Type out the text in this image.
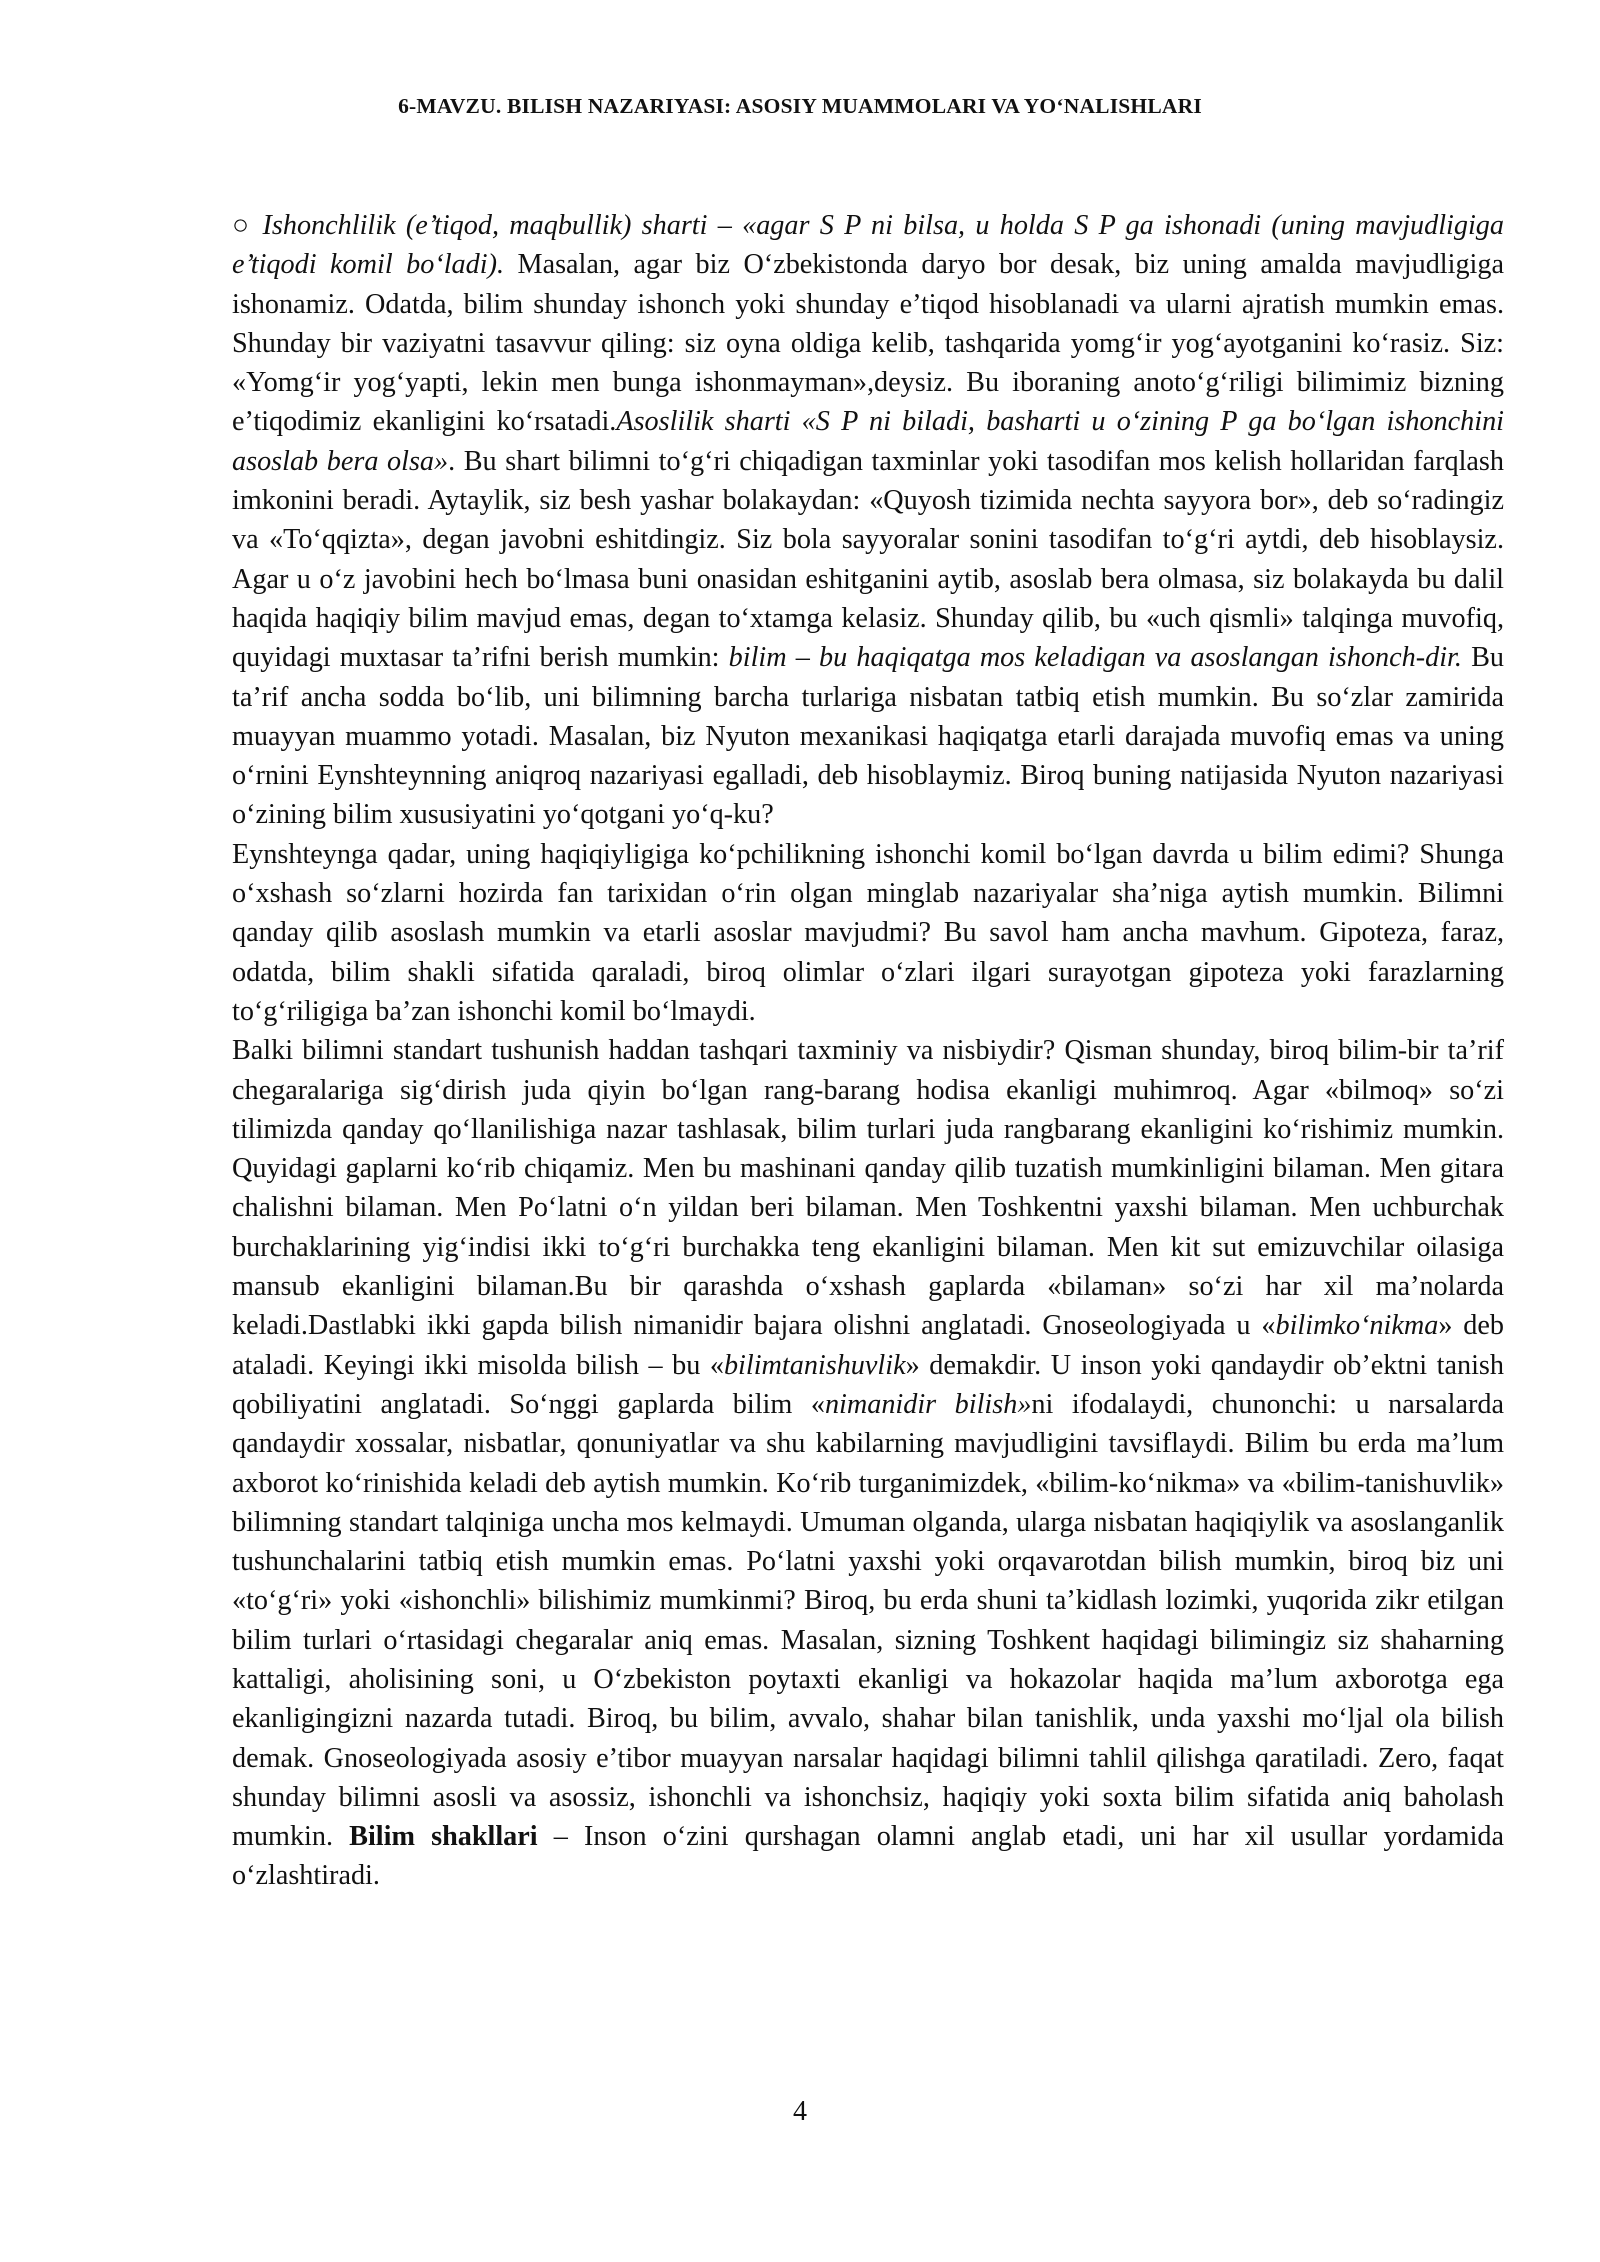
6-MAVZU. BILISH NAZARIYASI: ASOSIY MUAMMOLARI VA YO‘NALISHLARI

○ Ishonchlilik (e’tiqod, maqbullik) sharti – «agar S P ni bilsa, u holda S P ga ishonadi (uning mavjudligiga e’tiqodi komil bo‘ladi). Masalan, agar biz O‘zbekistonda daryo bor desak, biz uning amalda mavjudligiga ishonamiz. Odatda, bilim shunday ishonch yoki shunday e’tiqod hisoblanadi va ularni ajratish mumkin emas. Shunday bir vaziyatni tasavvur qiling: siz oyna oldiga kelib, tashqarida yomg‘ir yog‘ayotganini ko‘rasiz. Siz: «Yomg‘ir yog‘yapti, lekin men bunga ishonmayman»,deysiz. Bu iboraning anoto‘g‘riligi bilimimiz bizning e’tiqodimiz ekanligini ko‘rsatadi.Asoslilik sharti «S P ni biladi, basharti u o‘zining P ga bo‘lgan ishonchini asoslab bera olsa». Bu shart bilimni to‘g‘ri chiqadigan taxminlar yoki tasodifan mos kelish hollaridan farqlash imkonini beradi. Aytaylik, siz besh yashar bolakaydan: «Quyosh tizimida nechta sayyora bor», deb so‘radingiz va «To‘qqizta», degan javobni eshitdingiz. Siz bola sayyoralar sonini tasodifan to‘g‘ri aytdi, deb hisoblaysiz. Agar u o‘z javobini hech bo‘lmasa buni onasidan eshitganini aytib, asoslab bera olmasa, siz bolakayda bu dalil haqida haqiqiy bilim mavjud emas, degan to‘xtamga kelasiz. Shunday qilib, bu «uch qismli» talqinga muvofiq, quyidagi muxtasar ta’rifni berish mumkin: bilim – bu haqiqatga mos keladigan va asoslangan ishonch-dir. Bu ta’rif ancha sodda bo‘lib, uni bilimning barcha turlariga nisbatan tatbiq etish mumkin. Bu so‘zlar zamirida muayyan muammo yotadi. Masalan, biz Nyuton mexanikasi haqiqatga etarli darajada muvofiq emas va uning o‘rnini Eynshteynning aniqroq nazariyasi egalladi, deb hisoblaymiz. Biroq buning natijasida Nyuton nazariyasi o‘zining bilim xususiyatini yo‘qotgani yo‘q-ku?

Eynshteynga qadar, uning haqiqiyligiga ko‘pchilikning ishonchi komil bo‘lgan davrda u bilim edimi? Shunga o‘xshash so‘zlarni hozirda fan tarixidan o‘rin olgan minglab nazariyalar sha’niga aytish mumkin. Bilimni qanday qilib asoslash mumkin va etarli asoslar mavjudmi? Bu savol ham ancha mavhum. Gipoteza, faraz, odatda, bilim shakli sifatida qaraladi, biroq olimlar o‘zlari ilgari surayotgan gipoteza yoki farazlarning to‘g‘riligiga ba’zan ishonchi komil bo‘lmaydi.

Balki bilimni standart tushunish haddan tashqari taxminiy va nisbiydir? Qisman shunday, biroq bilim-bir ta’rif chegaralariga sig‘dirish juda qiyin bo‘lgan rang-barang hodisa ekanligi muhimroq. Agar «bilmoq» so‘zi tilimizda qanday qo‘llanilishiga nazar tashlasak, bilim turlari juda rangbarang ekanligini ko‘rishimiz mumkin. Quyidagi gaplarni ko‘rib chiqamiz. Men bu mashinani qanday qilib tuzatish mumkinligini bilaman. Men gitara chalishni bilaman. Men Po‘latni o‘n yildan beri bilaman. Men Toshkentni yaxshi bilaman. Men uchburchak burchaklarining yig‘indisi ikki to‘g‘ri burchakka teng ekanligini bilaman. Men kit sut emizuvchilar oilasiga mansub ekanligini bilaman.Bu bir qarashda o‘xshash gaplarda «bilaman» so‘zi har xil ma’nolarda keladi.Dastlabki ikki gapda bilish nimanidir bajara olishni anglatadi. Gnoseologiyada u «bilimko‘nikma» deb ataladi. Keyingi ikki misolda bilish – bu «bilimtanishuvlik» demakdir. U inson yoki qandaydir ob’ektni tanish qobiliyatini anglatadi. So‘nggi gaplarda bilim «nimanidir bilish»ni ifodalaydi, chunonchi: u narsalarda qandaydir xossalar, nisbatlar, qonuniyatlar va shu kabilarning mavjudligini tavsiflaydi. Bilim bu erda ma’lum axborot ko‘rinishida keladi deb aytish mumkin. Ko‘rib turganimizdek, «bilim-ko‘nikma» va «bilim-tanishuvlik» bilimning standart talqiniga uncha mos kelmaydi. Umuman olganda, ularga nisbatan haqiqiylik va asoslanganlik tushunchalarini tatbiq etish mumkin emas. Po‘latni yaxshi yoki orqavarotdan bilish mumkin, biroq biz uni «to‘g‘ri» yoki «ishonchli» bilishimiz mumkinmi? Biroq, bu erda shuni ta’kidlash lozimki, yuqorida zikr etilgan bilim turlari o‘rtasidagi chegaralar aniq emas. Masalan, sizning Toshkent haqidagi bilimingiz siz shaharning kattaligi, aholisining soni, u O‘zbekiston poytaxti ekanligi va hokazolar haqida ma’lum axborotga ega ekanligingizni nazarda tutadi. Biroq, bu bilim, avvalo, shahar bilan tanishlik, unda yaxshi mo‘ljal ola bilish demak. Gnoseologiyada asosiy e’tibor muayyan narsalar haqidagi bilimni tahlil qilishga qaratiladi. Zero, faqat shunday bilimni asosli va asossiz, ishonchli va ishonchsiz, haqiqiy yoki soxta bilim sifatida aniq baholash mumkin. Bilim shakllari – Inson o‘zini qurshagan olamni anglab etadi, uni har xil usullar yordamida o‘zlashtiradi.

4
